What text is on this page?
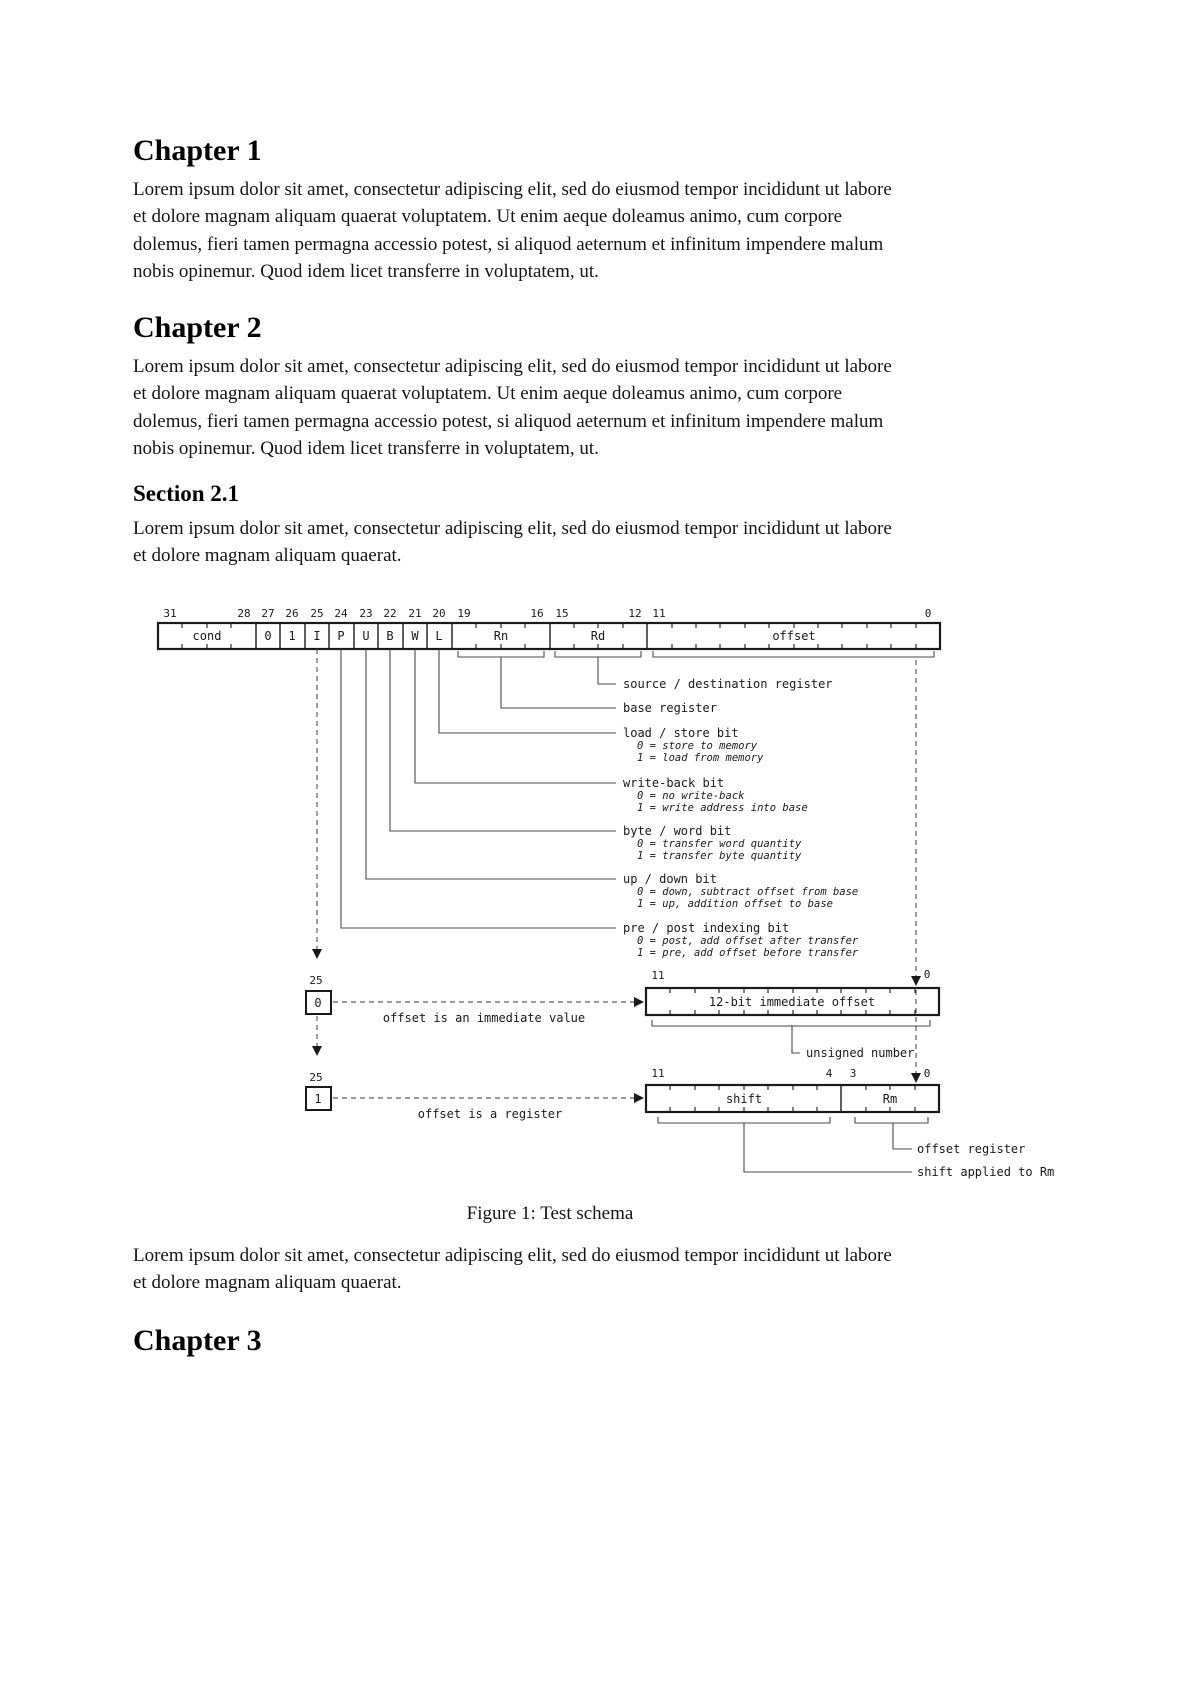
Chapter 1
Lorem ipsum dolor sit amet, consectetur adipiscing elit, sed do eiusmod tempor incididunt ut labore
et dolore magnam aliquam quaerat voluptatem. Ut enim aeque doleamus animo, cum corpore
dolemus, fieri tamen permagna accessio potest, si aliquod aeternum et infinitum impendere malum
nobis opinemur. Quod idem licet transferre in voluptatem, ut.
Chapter 2
Lorem ipsum dolor sit amet, consectetur adipiscing elit, sed do eiusmod tempor incididunt ut labore
et dolore magnam aliquam quaerat voluptatem. Ut enim aeque doleamus animo, cum corpore
dolemus, fieri tamen permagna accessio potest, si aliquod aeternum et infinitum impendere malum
nobis opinemur. Quod idem licet transferre in voluptatem, ut.
Section 2.1
Lorem ipsum dolor sit amet, consectetur adipiscing elit, sed do eiusmod tempor incididunt ut labore
et dolore magnam aliquam quaerat.
31	28 27 26 25 24 23 22 21 20 19	16 15	12 11	0
cond	0 1 I P U B W L	Rn	Rd	offset
source / destination register
base register
load / store bit
0 = store to memory
1 = load from memory
write-back bit
0 = no write-back
1 = write address into base
byte / word bit
0 = transfer word quantity
1 = transfer byte quantity
up / down bit
0 = down, subtract offset from base
1 = up, addition offset to base
pre / post indexing bit
0 = post, add offset after transfer
1 = pre, add offset before transfer
25
0
offset is an immediate value
11	0
12-bit immediate offset
unsigned number
25
1
offset is a register
11	4 3	0
shift	Rm
offset register
shift applied to Rm
Figure 1: Test schema
Lorem ipsum dolor sit amet, consectetur adipiscing elit, sed do eiusmod tempor incididunt ut labore
et dolore magnam aliquam quaerat.
Chapter 3
